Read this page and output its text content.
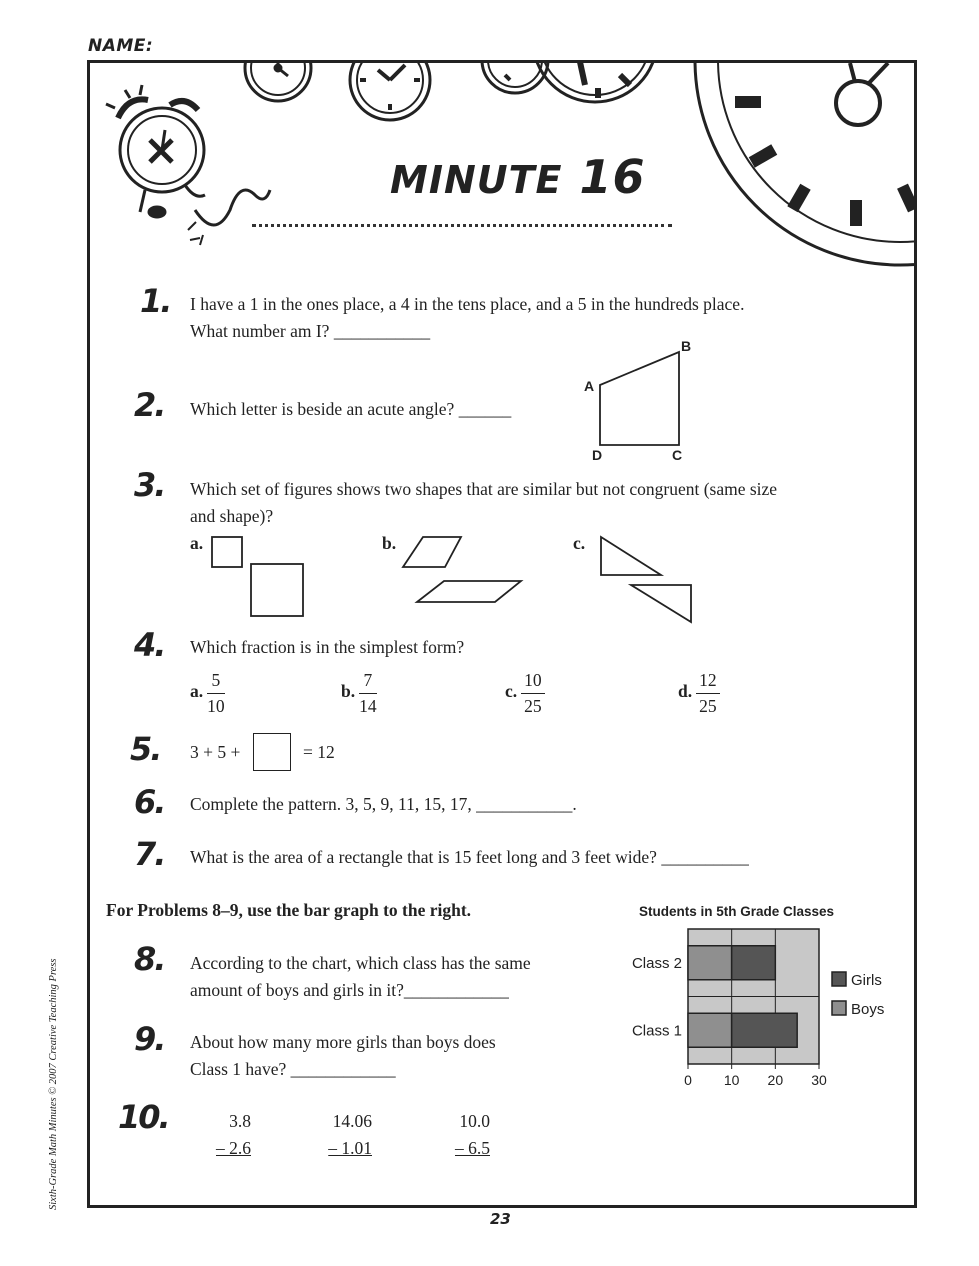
NAME:
MINUTE 16
1. I have a 1 in the ones place, a 4 in the tens place, and a 5 in the hundreds place.
What number am I? ___________
2. Which letter is beside an acute angle? ______
A
B
C
D
3. Which set of figures shows two shapes that are similar but not congruent (same size
and shape)?
a.	b.	c.
4. Which fraction is in the simplest form?
a. $\frac{5}{10}$	b. $\frac{7}{14}$	c. $\frac{10}{25}$	d. $\frac{12}{25}$
5. 3 + 5 +	= 12
6. Complete the pattern. 3, 5, 9, 11, 15, 17, ___________.
7. What is the area of a rectangle that is 15 feet long and 3 feet wide? __________
For Problems 8–9, use the bar graph to the right.
8. According to the chart, which class has the same
amount of boys and girls in it?____________
9. About how many more girls than boys does
Class 1 have? ____________
10.	3.8
– 2.6
14.06
– 1.01
10.0
– 6.5
Students in 5th Grade Classes
0 10 20 30
Class 1
Class 2
Girls
Boys
Sixth-Grade Math Minutes © 2007 Creative Teaching Press
23
